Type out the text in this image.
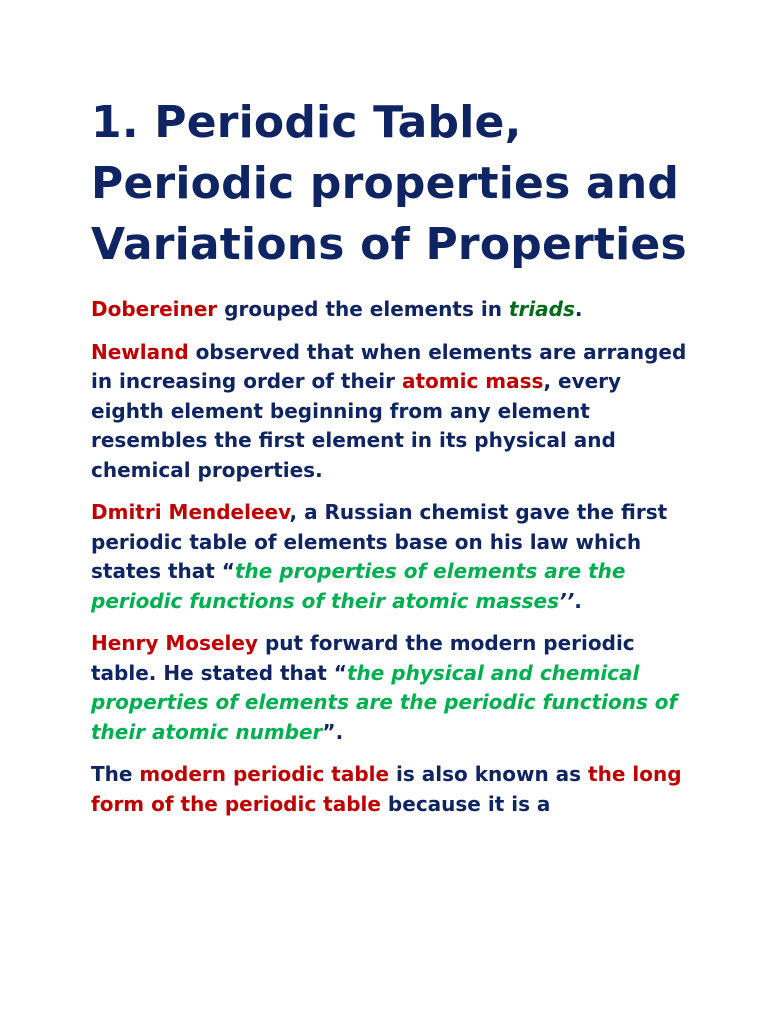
1. Periodic Table, Periodic properties and Variations of Properties

Dobereiner grouped the elements in triads.

Newland observed that when elements are arranged in increasing order of their atomic mass, every eighth element beginning from any element resembles the first element in its physical and chemical properties.

Dmitri Mendeleev, a Russian chemist gave the first periodic table of elements base on his law which states that “the properties of elements are the periodic functions of their atomic masses’’.

Henry Moseley put forward the modern periodic table. He stated that “the physical and chemical properties of elements are the periodic functions of their atomic number”.

The modern periodic table is also known as the long form of the periodic table because it is a
